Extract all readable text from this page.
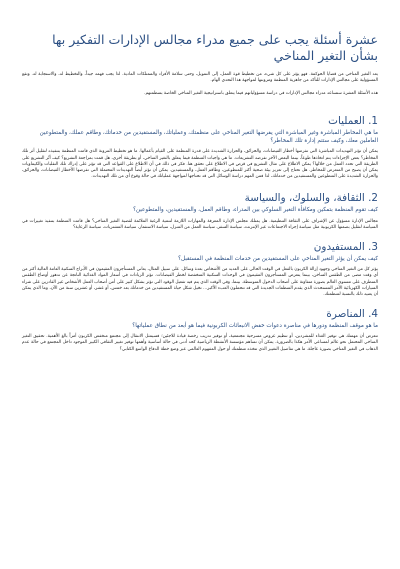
عشرة أسئلة يجب على جميع مدراء مجالس الإدارات التفكير بها بشأن التغير المناخي

يعد التغير المناخي من قضايا الحوكمة. فهو يؤثر على كل شيء، من تخطيط قوة العمل، إلى التمويل، وحتى سلامة الأفراد والممتلكات المادية. لذا يجب فهمه جيداً، والتخطيط له، والاستجابة له. وتقع المسؤولية على مجالس الإدارات للتأكد من جاهزية المنظمة ومرونتها لمواجهة هذا التحدي الهام.

هذه الأسئلة العشرة ستساعد مدراء مجالس الإدارات في دراسة مسؤولياتهم فيما يتعلق باستراتيجية التغير المناخي الخاصة بمنظمتهم.

1. العمليات
ما هي المخاطر المباشرة وغير المباشرة التي يفرضها التغير المناخي على منظمتك، وعملياتك، والمستفيدين من خدماتك، وطاقم عملك، والمتطوعين العاملين معك، وكيف ستتم إدارة تلك المخاطر؟

يمكن أن تؤثر التهديدات المباشرة التي تفرضها أخطار الفيضانات، والحرائق، والحرارة الشديدة على قدرة المنظمة على القيام بأعمالها. ما هو تخطيط المرونة الذي قامت المنظمة بتنفيذه لتقليل أثر تلك المخاطر؟ بعض الإجراءات يتم اتخاذها طوعاً، بينما البعض الآخر تفرضه التشريعات. ما هي واجبات المنظمة فيما يتعلق بالتغير المناخي، أو بطريقة أخرى، هل قمت بمراجعة التشريع؟ كيف أثّر التشريع على الطريقة التي تحدد العمل من خلالها؟ يمكن الاطلاع على مثال التشريع في قرص في الاطلاع على تحقق هنا. فكر في ذلك في أن الاطلاع على القواعد التي قد تؤثر على إدراك تلك التقلبات والكيماويات يمكن أن يصبح من المتعرض للمخاطر. هل تحتاج إلى تعزيز بيئة صحية أكثر للمتطوعين، وطاقم العمل، والمستفيدين. يمكن أن تؤثر أيضاً التهديدات المحتملة التي تفرضها الأخطار الفيضانات، والحرائق، والحرارة الشديدة على المتطوعين والمستفيدين من خدماتك، لذا فمن المهم دراسة الوسائل التي قد تحتاجها لمواجهة عملياتك في حالة وقوع أي من تلك التهديدات.

2. الثقافة، والسلوك، والسياسة
كيف تقوم المنظمة بتمكين ومكافأة التغير السلوكي بين المدراء، وطاقم العمل، والمستفيدين، والمتطوعين؟

مجالس الإدارة مسؤول عن الإشراف على الثقافة التنظيمية. هل يمتلك مجلس الإدارة المعرفة والمهارات اللازمة لتنمية الرغبة الملائمة لقضية التغير المناخي؟ هل قامت المنظمة بتنفيذ تغييرات في السياسة لتقليل بصمتها الكربونية مثل سياسة إجراء الاجتماعات عبر الإنترنت، سياسة السفر، سياسة العمل من المنزل، سياسة الاستثمار، سياسة المشتريات، سياسة الرعاية؟

3. المستفيدون
كيف يمكن أن يؤثر التغير المناخي على المستفيدين من خدمات المنظمة في المستقبل؟

يؤثر كل من التغير المناخي وجهود إزالة الكربون بالفعل في الوقت الحالي على العديد من الأشخاص بعدة وسائل. على سبيل المثال، يعاني المستأجرون المقيمون في الأبراج السكنية العامة العالية أكثر من أي وقت مضى من الطقس الساخن، بينما يتعرض المستأجرون المقيمون في الوحدات السكنية المنخفضة لخطر الفيضانات. تؤثر الزيادات في أسعار المواد الغذائية الناتجة عن تدهور أوضاع الطقس المتطرف على مستوى العالم بصورة متفاوتة على أصحاب الدخول المتوسطة. بينما، وفي الوقت الذي يتم فيه تفعيل الوقود التي تؤثر بشكل كبير على أمن أصحاب العمل الأشخاص غير القادرين على شراء السيارات الكهربائية الأمر المستحدث الذي يقدم المنظمات الجديدة التي قد تتحملون العبء الأكبر... تخيل شكل حياة المستفيدين من خدماتك بعد خمس، أو عشر، أو عشرين سنة من الآن، وما الذي يمكن أن يعنيه ذلك بالنسبة لمنظمتك.

4. المناصرة
ما هو موقف المنظمة ودورها في مناصرة دعوات خفض الانبعاثات الكربونية فيما هو أبعد من نطاق عملياتها؟

تتعرض أن مهمتك هي توفير الغذاء للمشردين، أو تنظيم عروض مسرحية مجتمعية، أو توفير تدريب رخصة قيادة للاجئين؛ فسيمثل الانتقال إلى مجتمع منخفض الكربون أمراً بالغ الأهمية. تحقيق التغير المناخي المحتمل نحو عالم لمساعي الأمر هكذا بالضرورة. يمكن أن تساهم مؤسسة الأنشطة الرياضية كحد أدنى في حالة أساسية وأهمها توفير تغيير الثقافي الكبير الموجود داخل المجتمع في حالة عدم الذهاب في التغير المناخي بصورة عاجلة. ما هي تفاصيل التغيير الذي تتخذه منظمتك أو حول المفهوم العالمي عبر وضع خطة الدفاع الواسع الكتابي؟
